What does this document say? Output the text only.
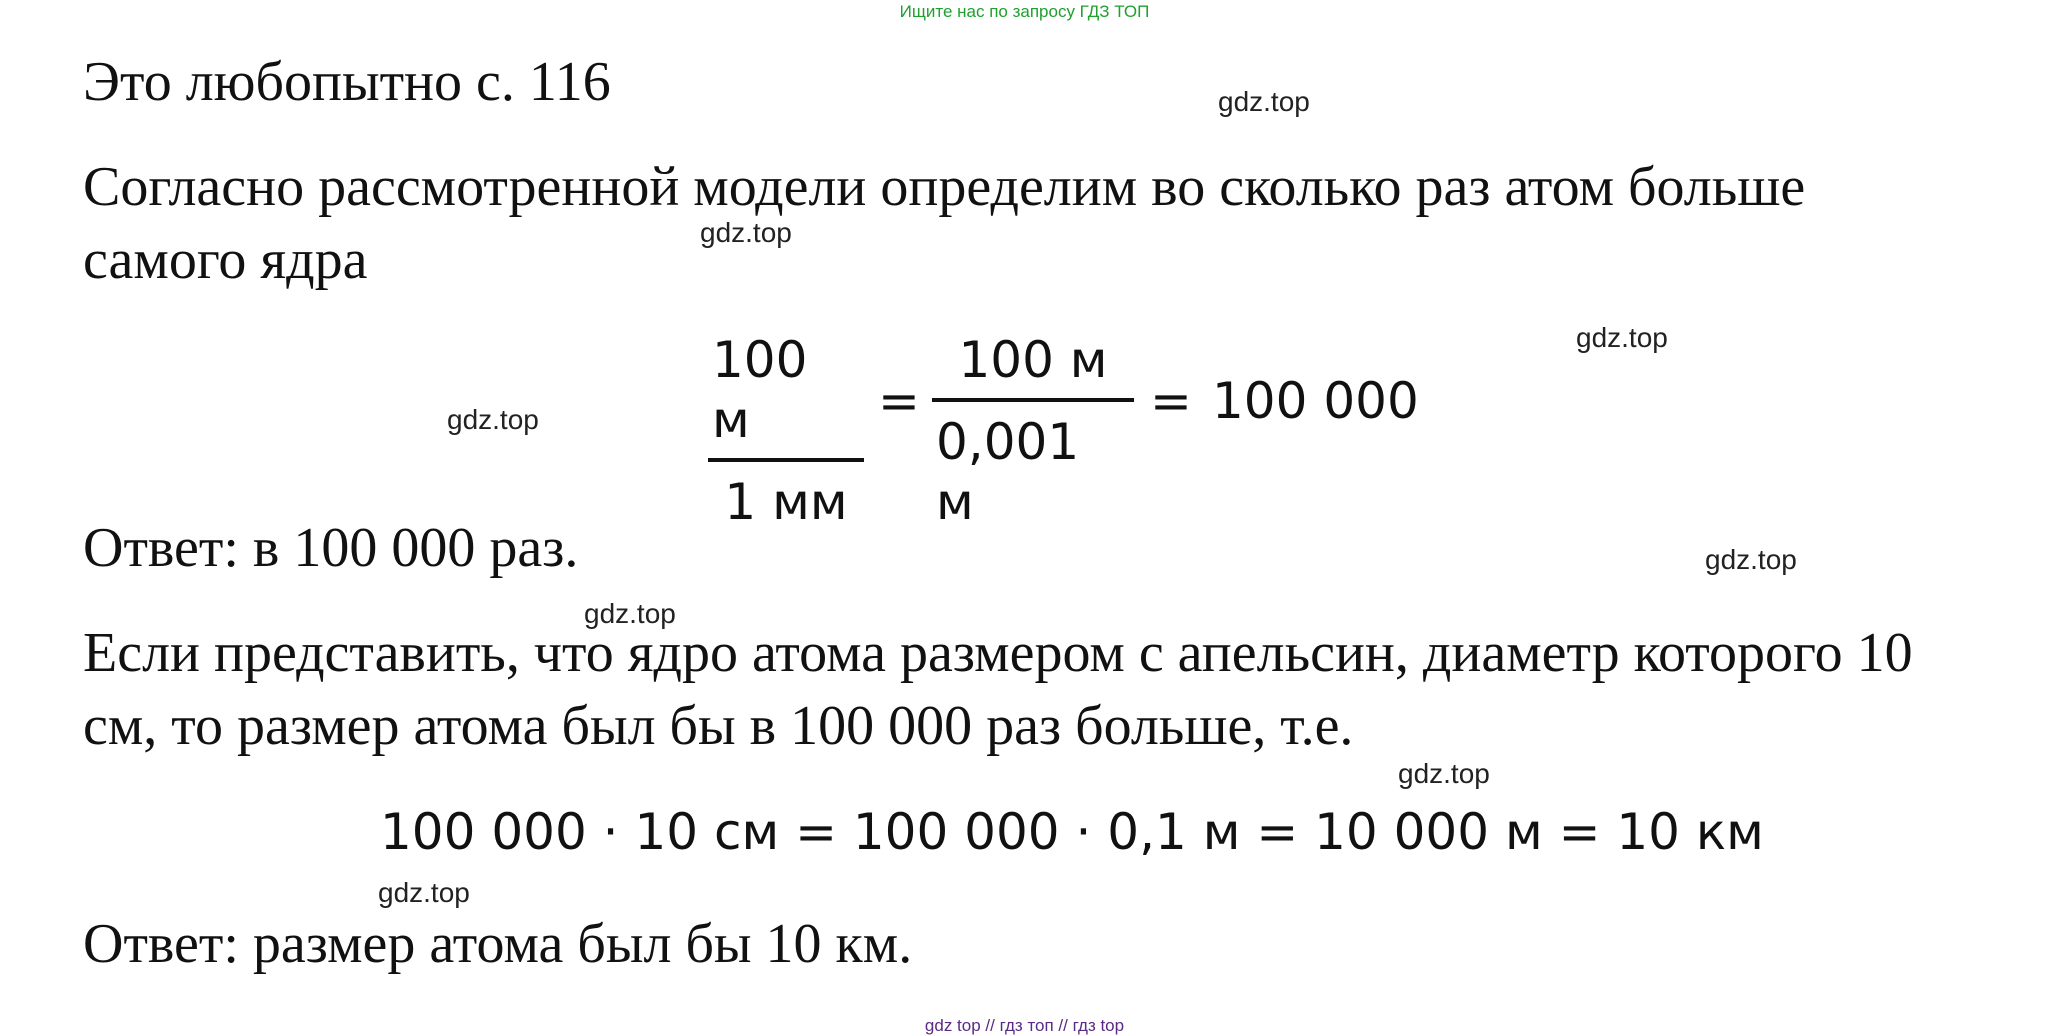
Ищите нас по запросу ГДЗ ТОП
Это любопытно с. 116	gdz.top
Согласно рассмотренной модели определим во сколько раз атом больше
gdz.top
самого ядра
gdz.top
gdz.top
100 м
1 мм
=
100 м
0,001 м
= 100 000
Ответ: в 100 000 раз.	gdz.top
gdz.top
Если представить, что ядро атома размером с апельсин, диаметр которого 10
см, то размер атома был бы в 100 000 раз больше, т.е.
gdz.top
100 000 · 10 см = 100 000 · 0,1 м = 10 000 м = 10 км
gdz.top
Ответ: размер атома был бы 10 км.
gdz top // гдз топ // гдз top
